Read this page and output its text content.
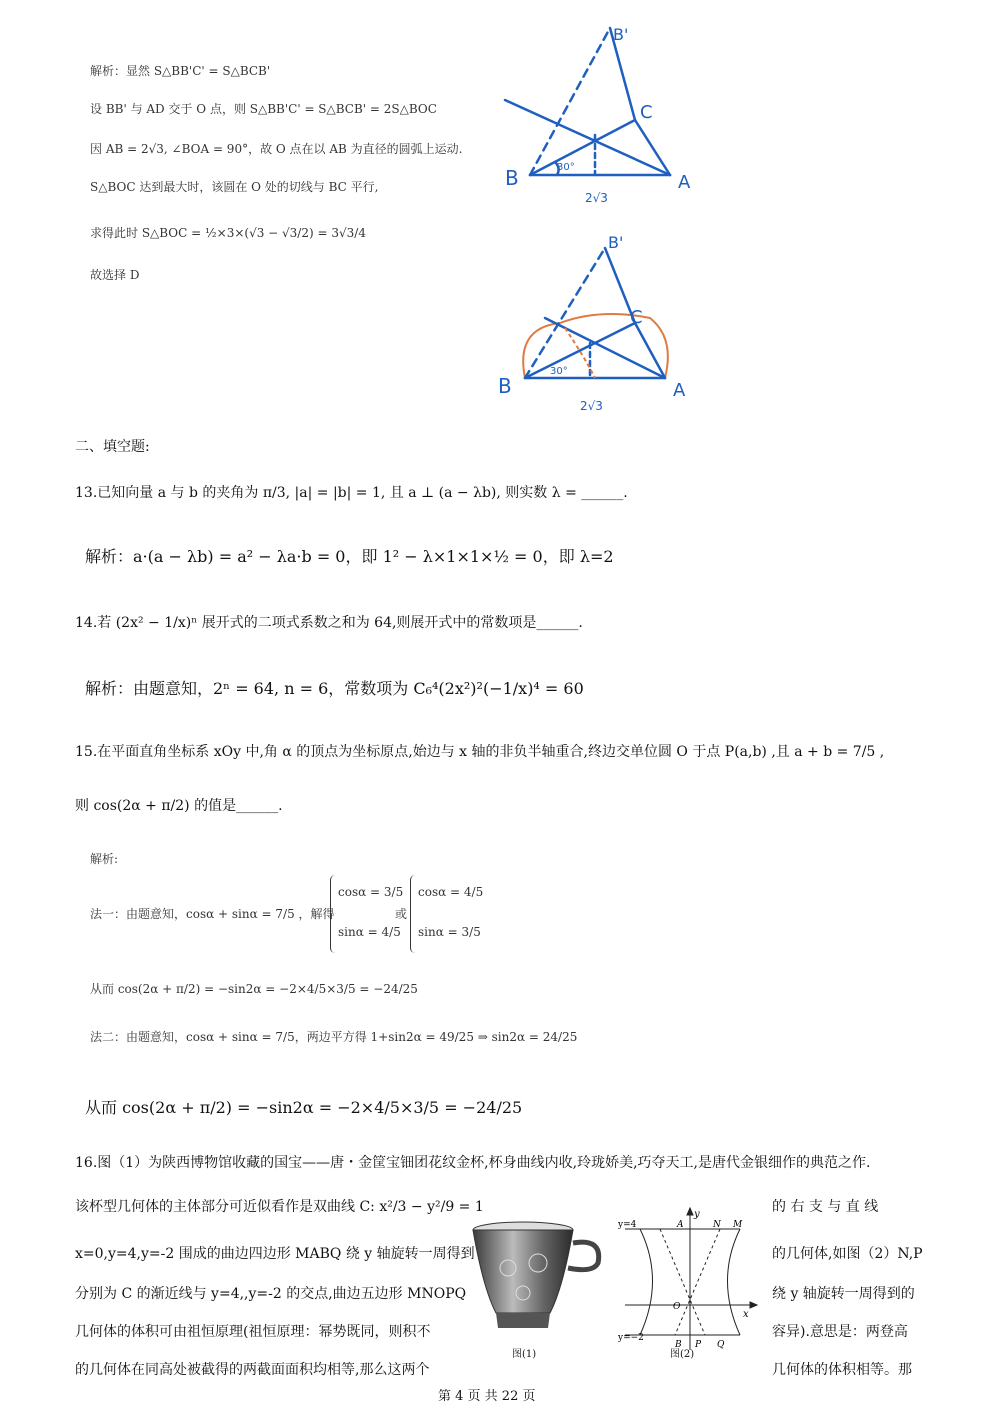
解析：显然 S△BB'C' = S△BCB'
设 BB' 与 AD 交于 O 点，则 S△BB'C' = S△BCB' = 2S△BOC
因 AB = 2√3, ∠BOA = 90°，故 O 点在以 AB 为直径的圆弧上运动.
S△BOC 达到最大时，该圆在 O 处的切线与 BC 平行,
求得此时 S△BOC = ½×3×(√3 − √3/2) = 3√3/4
故选择 D
B'
C
B	A
2√3
30°
B'
C
B	A
2√3
30°
二、填空题:
13.已知向量 a 与 b 的夹角为 π/3, |a| = |b| = 1, 且 a ⊥ (a − λb), 则实数 λ = ______.
解析：a·(a − λb) = a² − λa·b = 0，即 1² − λ×1×1×½ = 0，即 λ=2
14.若 (2x² − 1/x)ⁿ 展开式的二项式系数之和为 64,则展开式中的常数项是______.
解析：由题意知，2ⁿ = 64, n = 6，常数项为 C₆⁴(2x²)²(−1/x)⁴ = 60
15.在平面直角坐标系 xOy 中,角 α 的顶点为坐标原点,始边与 x 轴的非负半轴重合,终边交单位圆 O 于点 P(a,b) ,且 a + b = 7/5 ,
则 cos(2α + π/2) 的值是______.
解析:
法一：由题意知，cosα + sinα = 7/5 ，解得
cosα = 3/5
sinα = 4/5
或
cosα = 4/5
sinα = 3/5
从而 cos(2α + π/2) = −sin2α = −2×4/5×3/5 = −24/25
法二：由题意知，cosα + sinα = 7/5，两边平方得 1+sin2α = 49/25 ⇒ sin2α = 24/25
从而 cos(2α + π/2) = −sin2α = −2×4/5×3/5 = −24/25
16.图（1）为陕西博物馆收藏的国宝——唐・金筐宝钿团花纹金杯,杯身曲线内收,玲珑娇美,巧夺天工,是唐代金银细作的典范之作.
该杯型几何体的主体部分可近似看作是双曲线 C: x²/3 − y²/9 = 1	的 右 支 与 直 线
x=0,y=4,y=-2 围成的曲边四边形 MABQ 绕 y 轴旋转一周得到	的几何体,如图（2）N,P
分别为 C 的渐近线与 y=4,,y=-2 的交点,曲边五边形 MNOPQ	绕 y 轴旋转一周得到的
几何体的体积可由祖恒原理(祖恒原理：幂势既同，则积不	容异).意思是：两登高
的几何体在同高处被截得的两截面面积均相等,那么这两个	几何体的体积相等。那
图(1)
y
x
y=4
y=−2
A	N M
O
B P Q
图(2)
第 4 页 共 22 页
